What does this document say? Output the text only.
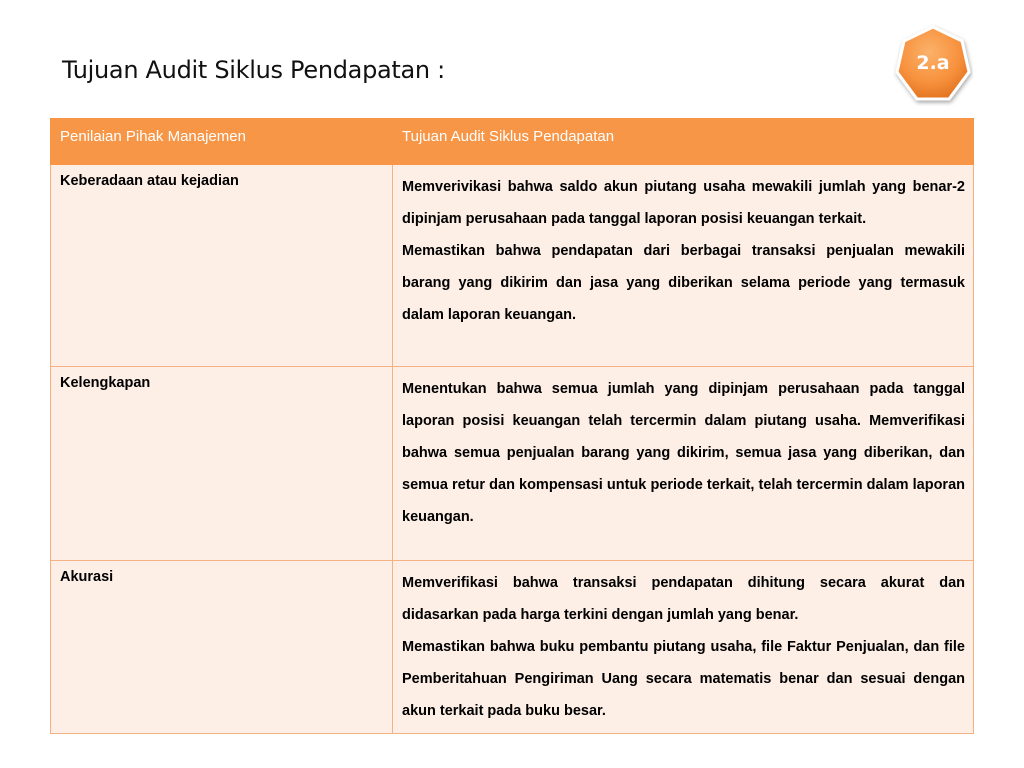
Tujuan Audit Siklus Pendapatan :	2.a
Penilaian Pihak Manajemen	Tujuan Audit Siklus Pendapatan

Keberadaan atau kejadian	Memverivikasi bahwa saldo akun piutang usaha mewakili jumlah yang benar-2 dipinjam perusahaan pada tanggal laporan posisi keuangan terkait.

Memastikan bahwa pendapatan dari berbagai transaksi penjualan mewakili barang yang dikirim dan jasa yang diberikan selama periode yang termasuk dalam laporan keuangan.

Kelengkapan	Menentukan bahwa semua jumlah yang dipinjam perusahaan pada tanggal laporan posisi keuangan telah tercermin dalam piutang usaha. Memverifikasi bahwa semua penjualan barang yang dikirim, semua jasa yang diberikan, dan semua retur dan kompensasi untuk periode terkait, telah tercermin dalam laporan keuangan.

Akurasi	Memverifikasi bahwa transaksi pendapatan dihitung secara akurat dan didasarkan pada harga terkini dengan jumlah yang benar.

Memastikan bahwa buku pembantu piutang usaha, file Faktur Penjualan, dan file Pemberitahuan Pengiriman Uang secara matematis benar dan sesuai dengan akun terkait pada buku besar.
